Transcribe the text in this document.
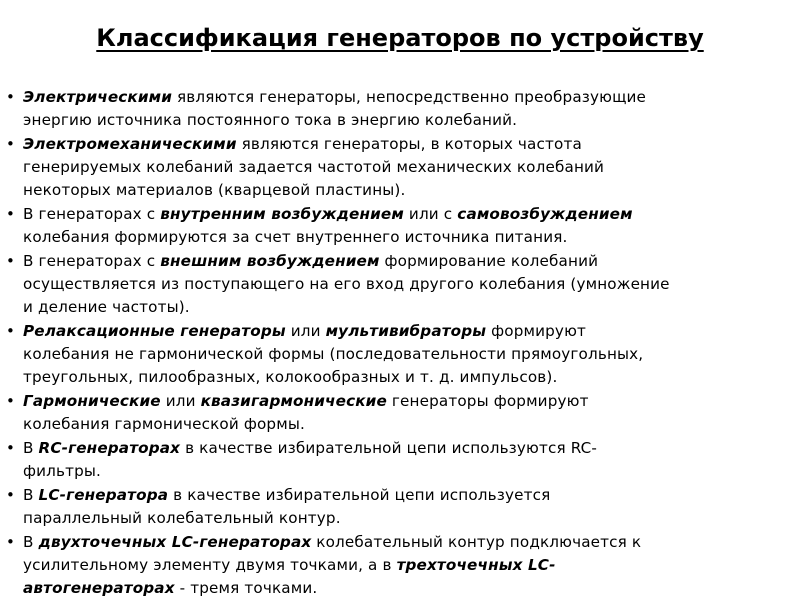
Классификация генераторов по устройству
• Электрическими являются генераторы, непосредственно преобразующие
энергию источника постоянного тока в энергию колебаний.
• Электромеханическими являются генераторы, в которых частота
генерируемых колебаний задается частотой механических колебаний
некоторых материалов (кварцевой пластины).
• В генераторах с внутренним возбуждением или с самовозбуждением
колебания формируются за счет внутреннего источника питания.
• В генераторах с внешним возбуждением формирование колебаний
осуществляется из поступающего на его вход другого колебания (умножение
и деление частоты).
• Релаксационные генераторы или мультивибраторы формируют
колебания не гармонической формы (последовательности прямоугольных,
треугольных, пилообразных, колокообразных и т. д. импульсов).
• Гармонические или квазигармонические генераторы формируют
колебания гармонической формы.
• В RC-генераторах в качестве избирательной цепи используются RC-
фильтры.
• В LC-генератора в качестве избирательной цепи используется
параллельный колебательный контур.
• В двухточечных LC-генераторах колебательный контур подключается к
усилительному элементу двумя точками, а в трехточечных LC-
автогенераторах - тремя точками.
